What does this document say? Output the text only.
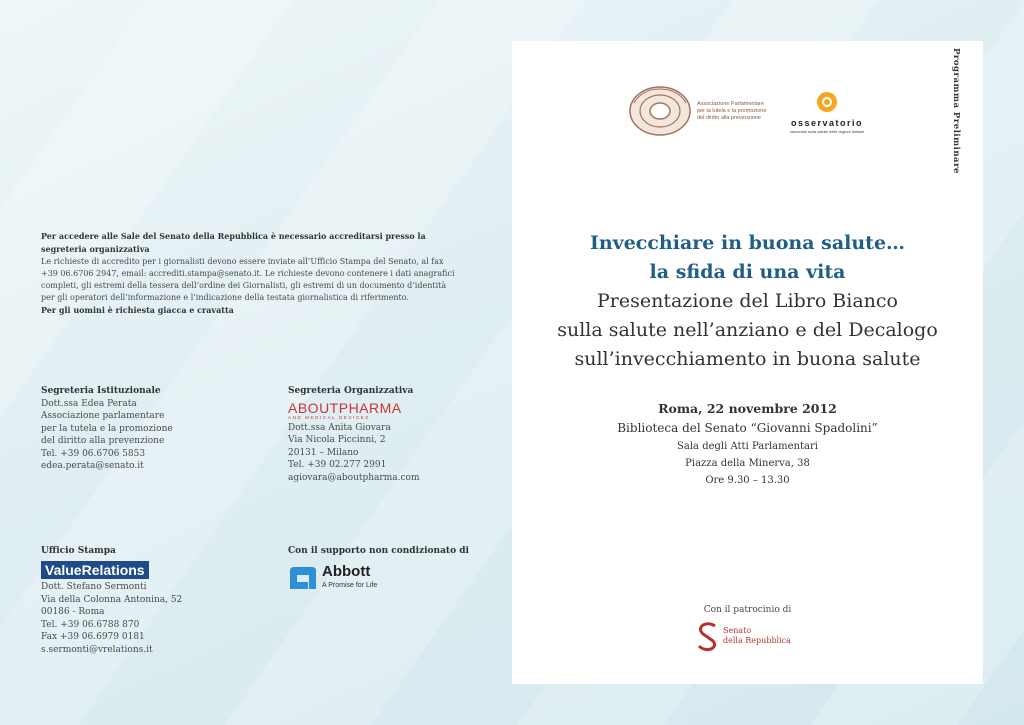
Per accedere alle Sale del Senato della Repubblica è necessario accreditarsi presso la segreteria organizzativa
Le richieste di accredito per i giornalisti devono essere inviate all’Ufficio Stampa del Senato, al fax +39 06.6706 2947, email: accrediti.stampa@senato.it. Le richieste devono contenere i dati anagrafici completi, gli estremi della tessera dell’ordine dei Giornalisti, gli estremi di un documento d’identità per gli operatori dell’informazione e l’indicazione della testata giornalistica di riferimento.
Per gli uomini è richiesta giacca e cravatta
Segreteria Istituzionale
Dott.ssa Edea Perata
Associazione parlamentare
per la tutela e la promozione
del diritto alla prevenzione
Tel. +39 06.6706 5853
edea.perata@senato.it
Segreteria Organizzativa
ABOUTPHARMA
AND MEDICAL DEVICES
Dott.ssa Anita Giovara
Via Nicola Piccinni, 2
20131 – Milano
Tel. +39 02.277 2991
agiovara@aboutpharma.com
Ufficio Stampa
ValueRelations
Dott. Stefano Sermonti
Via della Colonna Antonina, 52
00186 - Roma
Tel. +39 06.6788 870
Fax +39 06.6979 0181
s.sermonti@vrelations.it
Con il supporto non condizionato di
Abbott
A Promise for Life
Programma Preliminare
Associazione Parlamentare
per la tutela e la promozione
del diritto alla prevenzione	osservatorio
nazionale sulla salute nelle regioni italiane
Invecchiare in buona salute…
la sfida di una vita
Presentazione del Libro Bianco
sulla salute nell’anziano e del Decalogo
sull’invecchiamento in buona salute
Roma, 22 novembre 2012
Biblioteca del Senato “Giovanni Spadolini”
Sala degli Atti Parlamentari
Piazza della Minerva, 38
Ore 9.30 – 13.30
Con il patrocinio di
Senato
della Repubblica
